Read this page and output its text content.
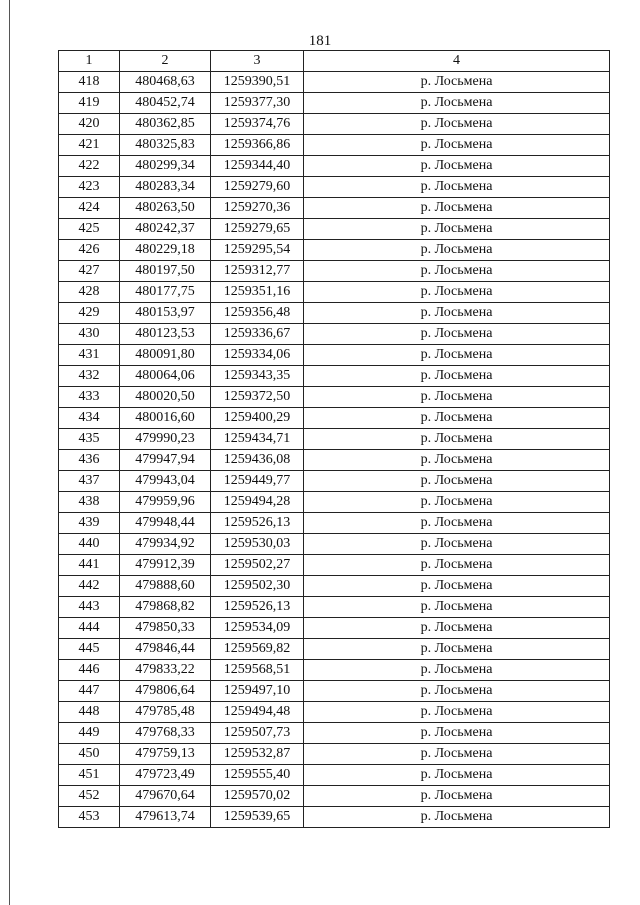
181
1	2	3	4
418	480468,63	1259390,51	р. Лосьмена
419	480452,74	1259377,30	р. Лосьмена
420	480362,85	1259374,76	р. Лосьмена
421	480325,83	1259366,86	р. Лосьмена
422	480299,34	1259344,40	р. Лосьмена
423	480283,34	1259279,60	р. Лосьмена
424	480263,50	1259270,36	р. Лосьмена
425	480242,37	1259279,65	р. Лосьмена
426	480229,18	1259295,54	р. Лосьмена
427	480197,50	1259312,77	р. Лосьмена
428	480177,75	1259351,16	р. Лосьмена
429	480153,97	1259356,48	р. Лосьмена
430	480123,53	1259336,67	р. Лосьмена
431	480091,80	1259334,06	р. Лосьмена
432	480064,06	1259343,35	р. Лосьмена
433	480020,50	1259372,50	р. Лосьмена
434	480016,60	1259400,29	р. Лосьмена
435	479990,23	1259434,71	р. Лосьмена
436	479947,94	1259436,08	р. Лосьмена
437	479943,04	1259449,77	р. Лосьмена
438	479959,96	1259494,28	р. Лосьмена
439	479948,44	1259526,13	р. Лосьмена
440	479934,92	1259530,03	р. Лосьмена
441	479912,39	1259502,27	р. Лосьмена
442	479888,60	1259502,30	р. Лосьмена
443	479868,82	1259526,13	р. Лосьмена
444	479850,33	1259534,09	р. Лосьмена
445	479846,44	1259569,82	р. Лосьмена
446	479833,22	1259568,51	р. Лосьмена
447	479806,64	1259497,10	р. Лосьмена
448	479785,48	1259494,48	р. Лосьмена
449	479768,33	1259507,73	р. Лосьмена
450	479759,13	1259532,87	р. Лосьмена
451	479723,49	1259555,40	р. Лосьмена
452	479670,64	1259570,02	р. Лосьмена
453	479613,74	1259539,65	р. Лосьмена
